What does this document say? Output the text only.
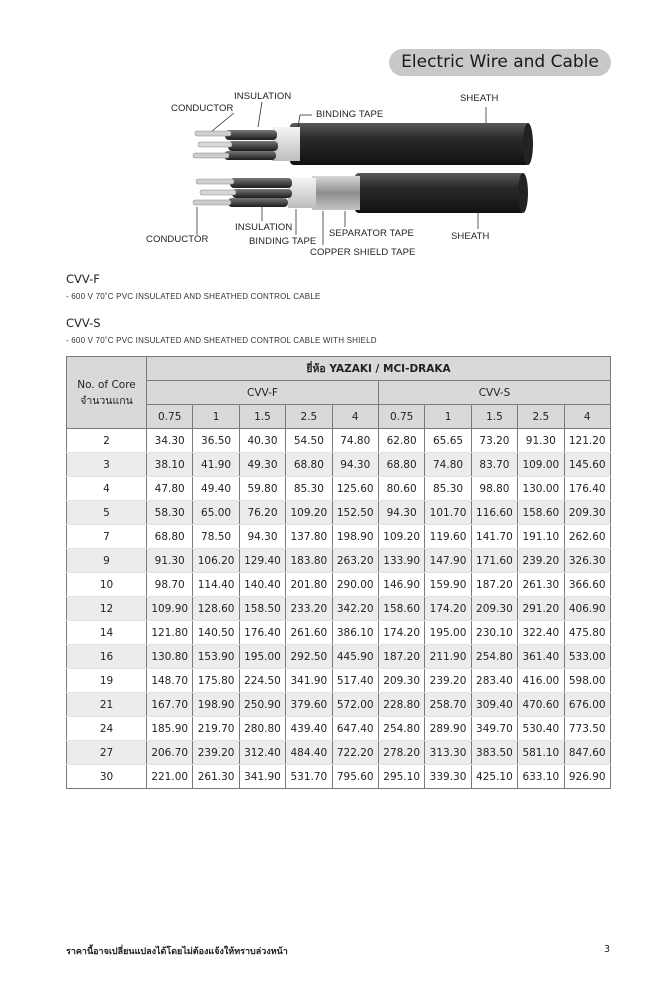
Electric Wire and Cable
CONDUCTOR
INSULATION
BINDING TAPE
SHEATH
CONDUCTOR
INSULATION
BINDING TAPE
SEPARATOR TAPE
COPPER SHIELD TAPE
SHEATH
CVV-F
- 600 V 70˚C PVC INSULATED AND SHEATHED CONTROL CABLE
CVV-S
- 600 V 70˚C PVC INSULATED AND SHEATHED CONTROL CABLE WITH SHIELD
No. of Core
จำนวนแกน	ยี่ห้อ YAZAKI / MCI-DRAKA									
	CVV-F					CVV-S				
	0.75	1	1.5	2.5	4	0.75	1	1.5	2.5	4
2	34.30	36.50	40.30	54.50	74.80	62.80	65.65	73.20	91.30	121.20
3	38.10	41.90	49.30	68.80	94.30	68.80	74.80	83.70	109.00	145.60
4	47.80	49.40	59.80	85.30	125.60	80.60	85.30	98.80	130.00	176.40
5	58.30	65.00	76.20	109.20	152.50	94.30	101.70	116.60	158.60	209.30
7	68.80	78.50	94.30	137.80	198.90	109.20	119.60	141.70	191.10	262.60
9	91.30	106.20	129.40	183.80	263.20	133.90	147.90	171.60	239.20	326.30
10	98.70	114.40	140.40	201.80	290.00	146.90	159.90	187.20	261.30	366.60
12	109.90	128.60	158.50	233.20	342.20	158.60	174.20	209.30	291.20	406.90
14	121.80	140.50	176.40	261.60	386.10	174.20	195.00	230.10	322.40	475.80
16	130.80	153.90	195.00	292.50	445.90	187.20	211.90	254.80	361.40	533.00
19	148.70	175.80	224.50	341.90	517.40	209.30	239.20	283.40	416.00	598.00
21	167.70	198.90	250.90	379.60	572.00	228.80	258.70	309.40	470.60	676.00
24	185.90	219.70	280.80	439.40	647.40	254.80	289.90	349.70	530.40	773.50
27	206.70	239.20	312.40	484.40	722.20	278.20	313.30	383.50	581.10	847.60
30	221.00	261.30	341.90	531.70	795.60	295.10	339.30	425.10	633.10	926.90
ราคานี้อาจเปลี่ยนแปลงได้โดยไม่ต้องแจ้งให้ทราบล่วงหน้า	3
